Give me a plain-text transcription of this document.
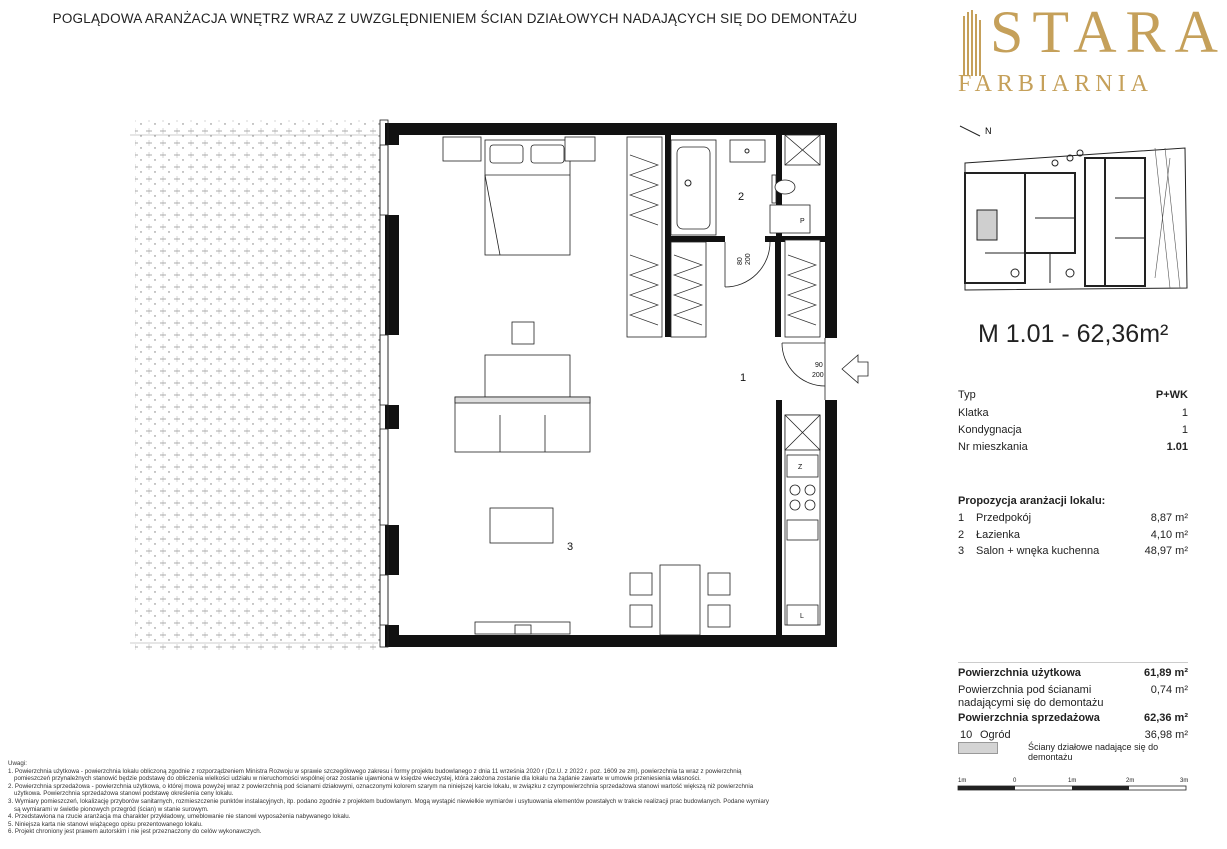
POGLĄDOWA ARANŻACJA WNĘTRZ WRAZ Z UWZGLĘDNIENIEM ŚCIAN DZIAŁOWYCH NADAJĄCYCH SIĘ DO DEMONTAŻU STARA
FARBIARNIA
N
M 1.01 - 62,36m²
Typ	P+WK
Klatka	1
Kondygnacja	1
Nr mieszkania	1.01
Propozycja aranżacji lokalu:
1 Przedpokój	8,87 m²
2 Łazienka	4,10 m²
3 Salon + wnęka kuchenna	48,97 m²
Powierzchnia użytkowa	61,89 m²
Powierzchnia pod ścianami
nadającymi się do demontażu
0,74 m²
Powierzchnia sprzedażowa	62,36 m²
10 Ogród	36,98 m²
Ściany działowe nadające się do demontażu
1m	0	1m	2m	3m
2
1
3
80 200
90
200
Z
P
L
Uwagi:
1. Powierzchnia użytkowa - powierzchnia lokalu obliczoną zgodnie z rozporządzeniem Ministra Rozwoju w sprawie szczegółowego zakresu i formy projektu budowlanego z dnia 11 września 2020 r (Dz.U. z 2022 r. poz. 1609 ze zm), powierzchnia ta wraz z powierzchnią
pomieszczeń przynależnych stanowić będzie podstawę do obliczenia wielkości udziału w nieruchomości wspólnej oraz zostanie ujawniona w księdze wieczystej, która założona zostanie dla lokalu na żądanie zawarte w umowie przeniesienia własności.
2. Powierzchnia sprzedażowa - powierzchnia użytkowa, o której mowa powyżej wraz z powierzchnią pod ścianami działowymi, oznaczonymi kolorem szarym na niniejszej karcie lokalu, w związku z czympowierzchnia sprzedażowa stanowi wartość większą niż powierzchnia
użytkowa. Powierzchnia sprzedażowa stanowi podstawę określenia ceny lokalu.
3. Wymiary pomieszczeń, lokalizację przyborów sanitarnych, rozmieszczenie punktów instalacyjnych, itp. podano zgodnie z projektem budowlanym. Mogą wystąpić niewielkie wymiarów i usytuowania elementów powstałych w trakcie realizacji prac budowlanych. Podane wymiary
są wymiarami w świetle pionowych przegród (ścian) w stanie surowym.
4. Przedstawiona na rzucie aranżacja ma charakter przykładowy, umeblowanie nie stanowi wyposażenia nabywanego lokalu.
5. Niniejsza karta nie stanowi wiążącego opisu prezentowanego lokalu.
6. Projekt chroniony jest prawem autorskim i nie jest przeznaczony do celów wykonawczych.
